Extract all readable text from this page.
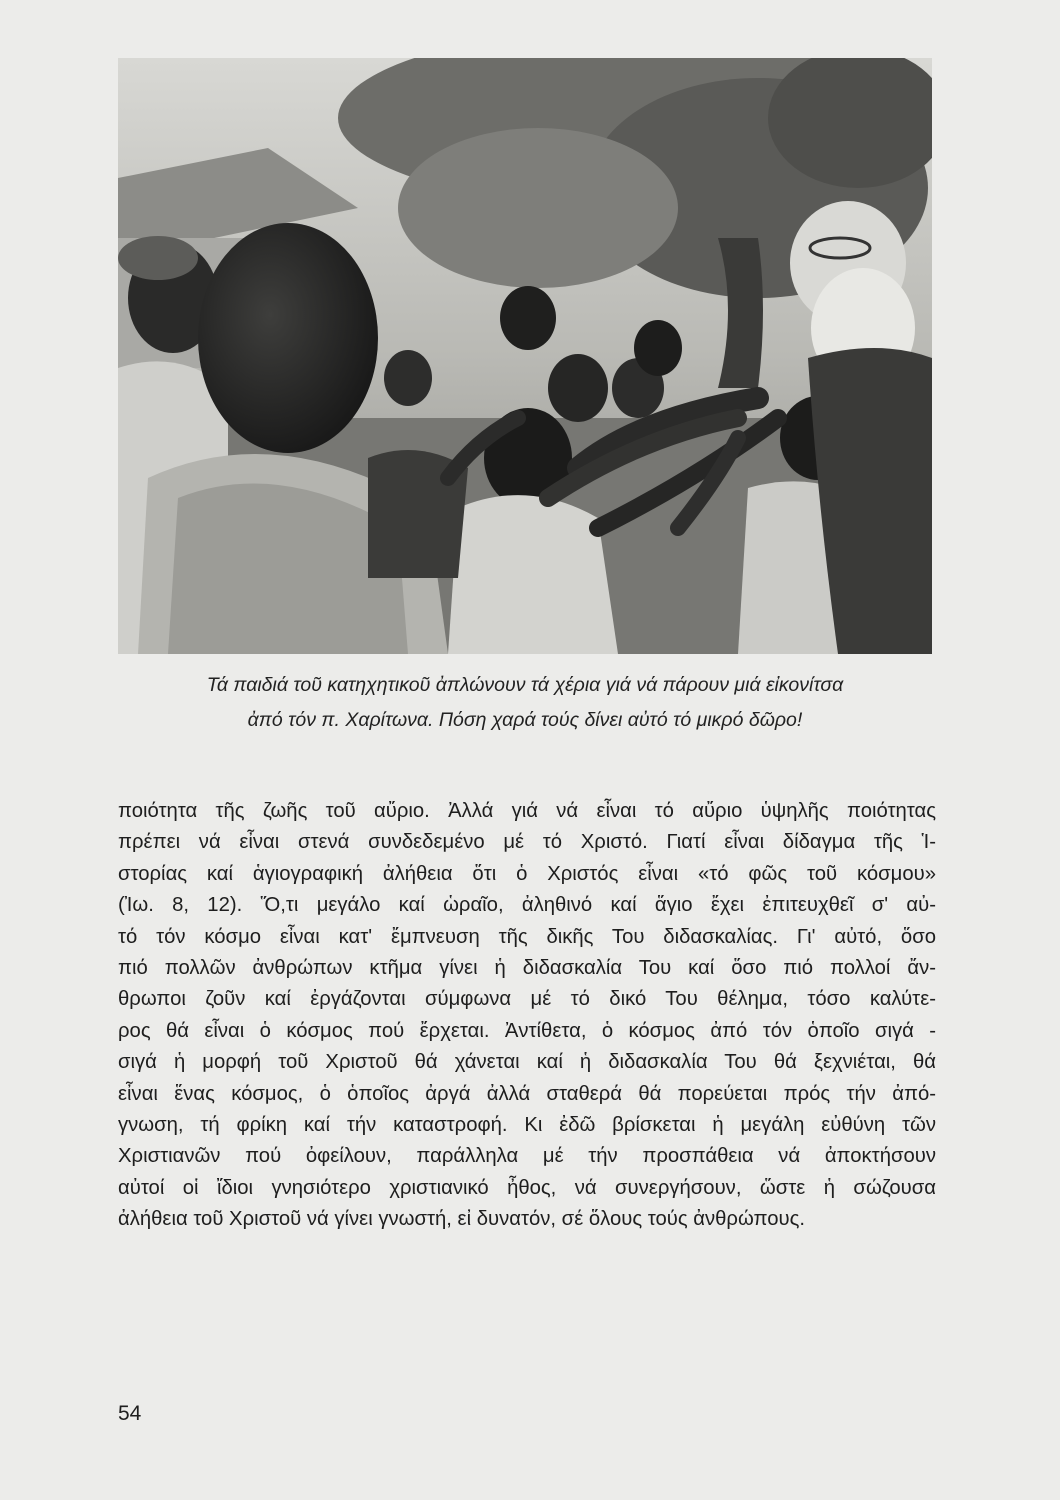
Τά παιδιά τοῦ κατηχητικοῦ ἀπλώνουν τά χέρια γιά νά πάρουν μιά εἰκονίτσα
ἀπό τόν π. Χαρίτωνα. Πόση χαρά τούς δίνει αὐτό τό μικρό δῶρο!
ποιότητα τῆς ζωῆς τοῦ αὔριο. Ἀλλά γιά νά εἶναι τό αὔριο ὑψηλῆς ποιότητας
πρέπει νά εἶναι στενά συνδεδεμένο μέ τό Χριστό. Γιατί εἶναι δίδαγμα τῆς Ἱ-
στορίας καί ἁγιογραφική ἀλήθεια ὅτι ὁ Χριστός εἶναι «τό φῶς τοῦ κόσμου»
(Ἰω. 8, 12). Ὅ,τι μεγάλο καί ὡραῖο, ἀληθινό καί ἅγιο ἔχει ἐπιτευχθεῖ σ' αὐ-
τό τόν κόσμο εἶναι κατ' ἔμπνευση τῆς δικῆς Του διδασκαλίας. Γι' αὐτό, ὅσο
πιό πολλῶν ἀνθρώπων κτῆμα γίνει ἡ διδασκαλία Του καί ὅσο πιό πολλοί ἄν-
θρωποι ζοῦν καί ἐργάζονται σύμφωνα μέ τό δικό Του θέλημα, τόσο καλύτε-
ρος θά εἶναι ὁ κόσμος πού ἔρχεται. Ἀντίθετα, ὁ κόσμος ἀπό τόν ὁποῖο σιγά -
σιγά ἡ μορφή τοῦ Χριστοῦ θά χάνεται καί ἡ διδασκαλία Του θά ξεχνιέται, θά
εἶναι ἕνας κόσμος, ὁ ὁποῖος ἀργά ἀλλά σταθερά θά πορεύεται πρός τήν ἀπό-
γνωση, τή φρίκη καί τήν καταστροφή. Κι ἐδῶ βρίσκεται ἡ μεγάλη εὐθύνη τῶν
Χριστιανῶν πού ὀφείλουν, παράλληλα μέ τήν προσπάθεια νά ἀποκτήσουν
αὐτοί οἱ ἴδιοι γνησιότερο χριστιανικό ἦθος, νά συνεργήσουν, ὥστε ἡ σώζουσα
ἀλήθεια τοῦ Χριστοῦ νά γίνει γνωστή, εἰ δυνατόν, σέ ὅλους τούς ἀνθρώπους.
54
